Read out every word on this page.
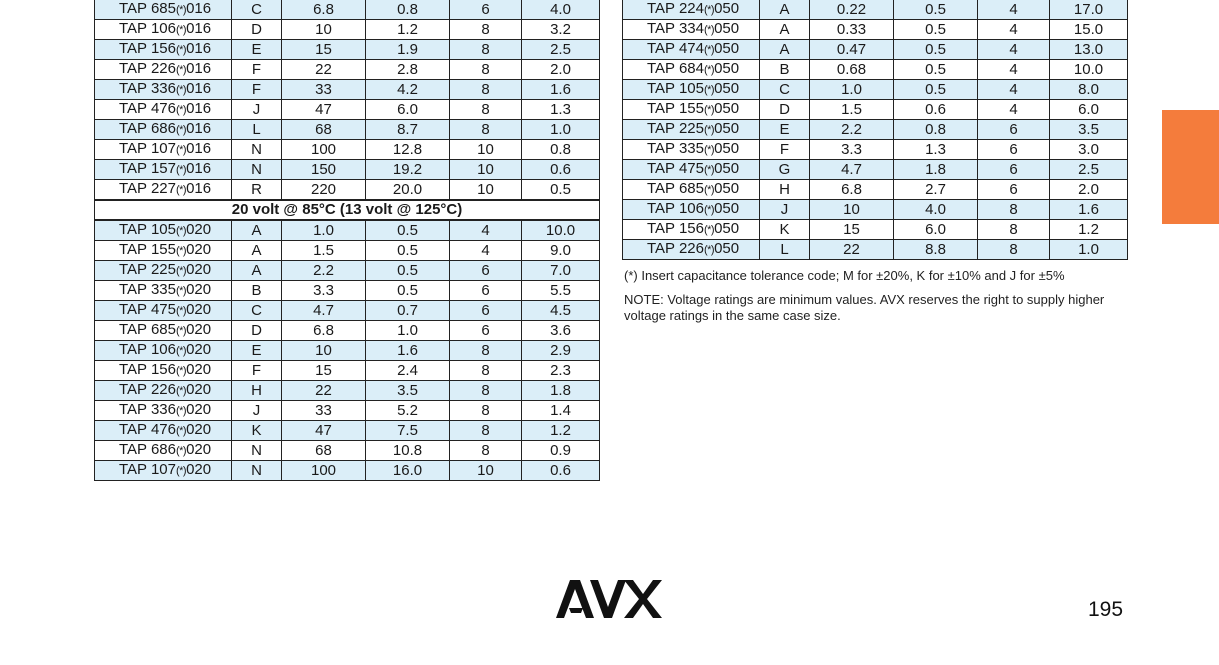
TAP 685(*)016	C	6.8	0.8	6	4.0
TAP 106(*)016	D	10	1.2	8	3.2
TAP 156(*)016	E	15	1.9	8	2.5
TAP 226(*)016	F	22	2.8	8	2.0
TAP 336(*)016	F	33	4.2	8	1.6
TAP 476(*)016	J	47	6.0	8	1.3
TAP 686(*)016	L	68	8.7	8	1.0
TAP 107(*)016	N	100	12.8	10	0.8
TAP 157(*)016	N	150	19.2	10	0.6
TAP 227(*)016	R	220	20.0	10	0.5
20 volt @ 85°C (13 volt @ 125°C)					
TAP 105(*)020	A	1.0	0.5	4	10.0
TAP 155(*)020	A	1.5	0.5	4	9.0
TAP 225(*)020	A	2.2	0.5	6	7.0
TAP 335(*)020	B	3.3	0.5	6	5.5
TAP 475(*)020	C	4.7	0.7	6	4.5
TAP 685(*)020	D	6.8	1.0	6	3.6
TAP 106(*)020	E	10	1.6	8	2.9
TAP 156(*)020	F	15	2.4	8	2.3
TAP 226(*)020	H	22	3.5	8	1.8
TAP 336(*)020	J	33	5.2	8	1.4
TAP 476(*)020	K	47	7.5	8	1.2
TAP 686(*)020	N	68	10.8	8	0.9
TAP 107(*)020	N	100	16.0	10	0.6
TAP 224(*)050	A	0.22	0.5	4	17.0
TAP 334(*)050	A	0.33	0.5	4	15.0
TAP 474(*)050	A	0.47	0.5	4	13.0
TAP 684(*)050	B	0.68	0.5	4	10.0
TAP 105(*)050	C	1.0	0.5	4	8.0
TAP 155(*)050	D	1.5	0.6	4	6.0
TAP 225(*)050	E	2.2	0.8	6	3.5
TAP 335(*)050	F	3.3	1.3	6	3.0
TAP 475(*)050	G	4.7	1.8	6	2.5
TAP 685(*)050	H	6.8	2.7	6	2.0
TAP 106(*)050	J	10	4.0	8	1.6
TAP 156(*)050	K	15	6.0	8	1.2
TAP 226(*)050	L	22	8.8	8	1.0
(*) Insert capacitance tolerance code; M for ±20%, K for ±10% and J for ±5%
NOTE: Voltage ratings are minimum values. AVX reserves the right to supply higher voltage ratings in the same case size.
195
